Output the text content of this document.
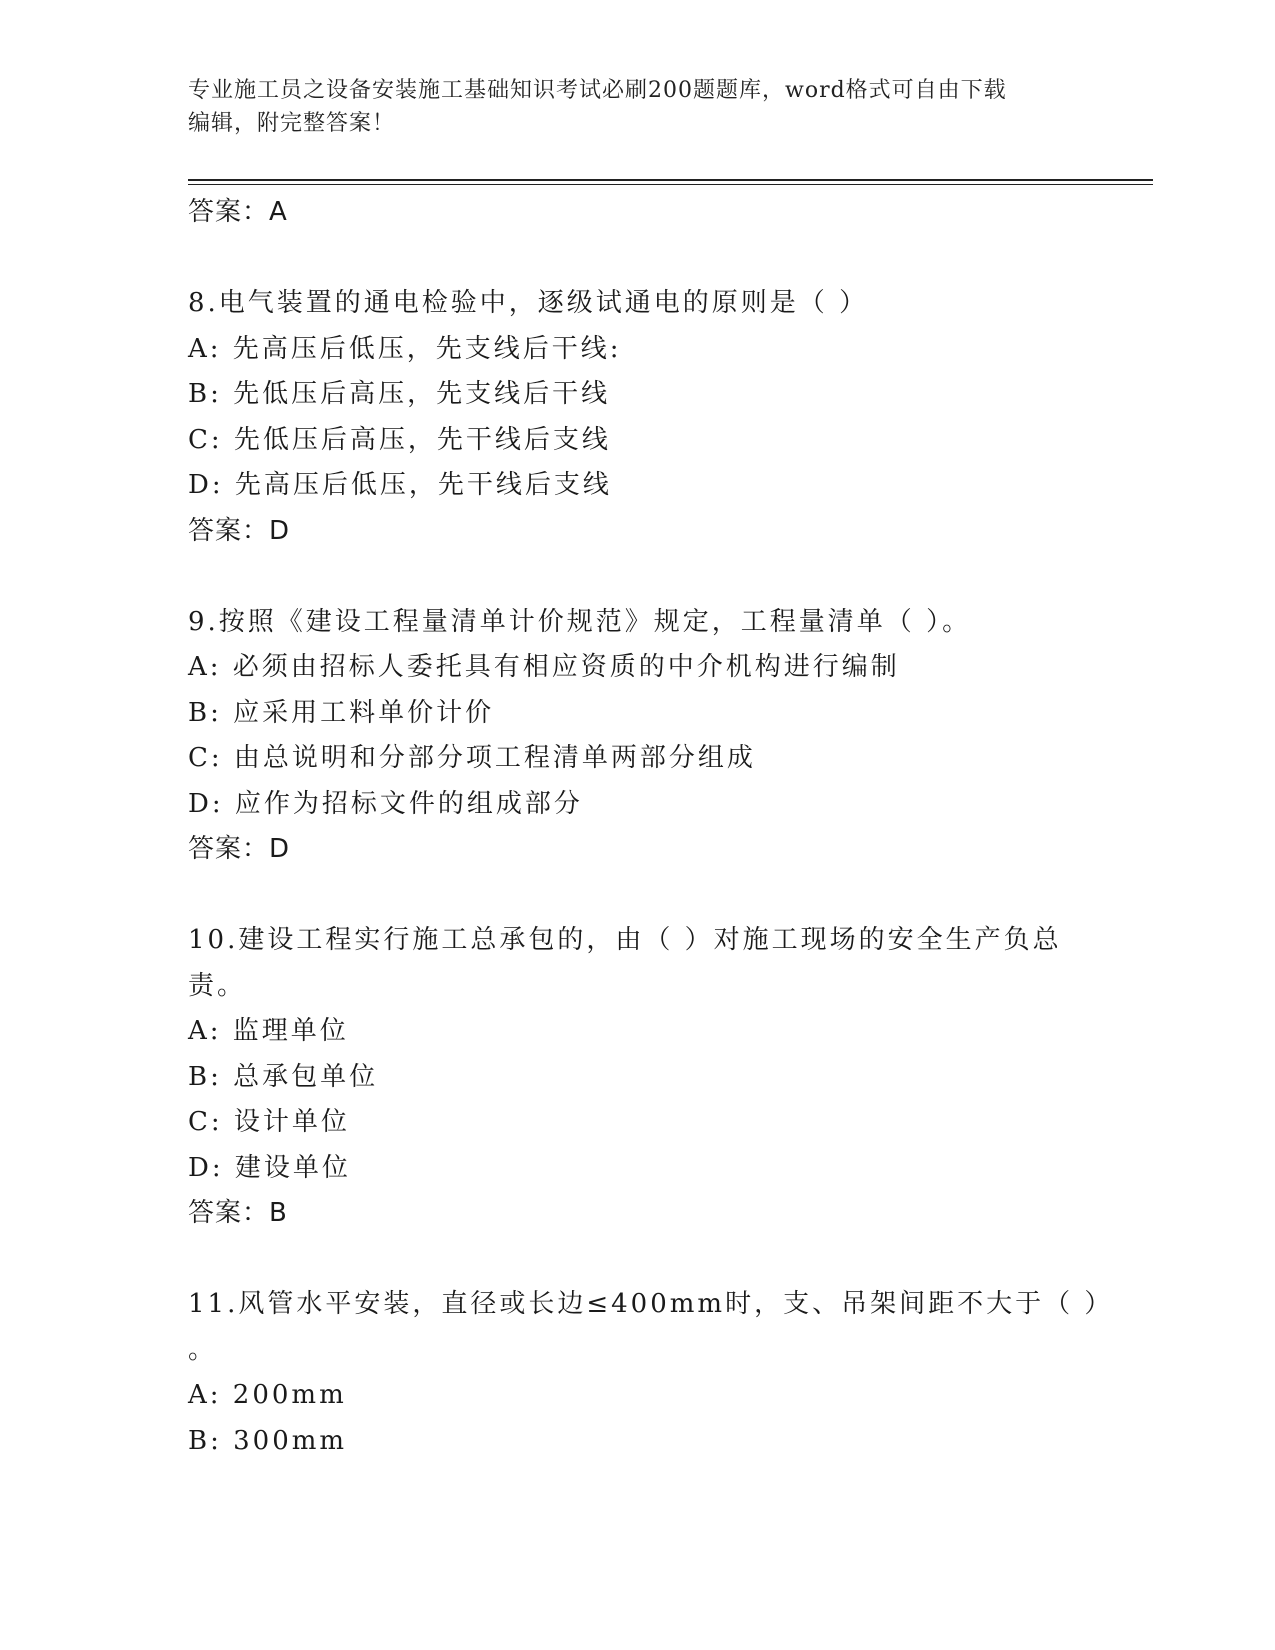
专业施工员之设备安装施工基础知识考试必刷200题题库，word格式可自由下载
编辑，附完整答案！
答案：A
8.电气装置的通电检验中，逐级试通电的原则是（ ）
A: 先高压后低压，先支线后干线:
B: 先低压后高压，先支线后干线
C: 先低压后高压，先干线后支线
D: 先高压后低压，先干线后支线
答案：D
9.按照《建设工程量清单计价规范》规定，工程量清单（ ）。
A: 必须由招标人委托具有相应资质的中介机构进行编制
B: 应采用工料单价计价
C: 由总说明和分部分项工程清单两部分组成
D: 应作为招标文件的组成部分
答案：D
10.建设工程实行施工总承包的，由（ ）对施工现场的安全生产负总
责。
A: 监理单位
B: 总承包单位
C: 设计单位
D: 建设单位
答案：B
11.风管水平安装，直径或长边≤400mm时，支、吊架间距不大于（ ）
。
A: 200mm
B: 300mm
